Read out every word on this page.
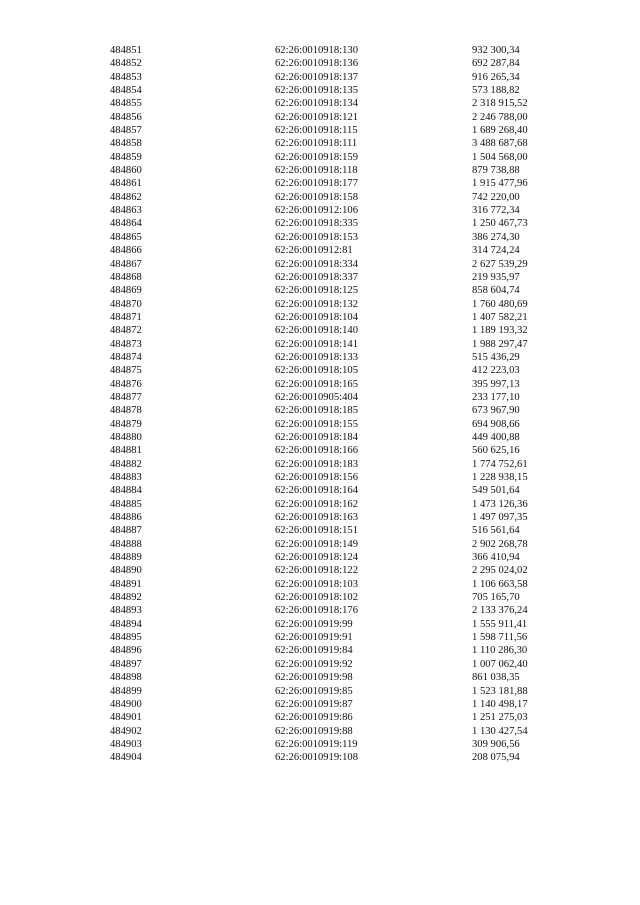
484851	62:26:0010918:130	932 300,34
484852	62:26:0010918:136	692 287,84
484853	62:26:0010918:137	916 265,34
484854	62:26:0010918:135	573 188,82
484855	62:26:0010918:134	2 318 915,52
484856	62:26:0010918:121	2 246 788,00
484857	62:26:0010918:115	1 689 268,40
484858	62:26:0010918:111	3 488 687,68
484859	62:26:0010918:159	1 504 568,00
484860	62:26:0010918:118	879 738,88
484861	62:26:0010918:177	1 915 477,96
484862	62:26:0010918:158	742 220,00
484863	62:26:0010912:106	316 772,34
484864	62:26:0010918:335	1 250 467,73
484865	62:26:0010918:153	386 274,30
484866	62:26:0010912:81	314 724,24
484867	62:26:0010918:334	2 627 539,29
484868	62:26:0010918:337	219 935,97
484869	62:26:0010918:125	858 604,74
484870	62:26:0010918:132	1 760 480,69
484871	62:26:0010918:104	1 407 582,21
484872	62:26:0010918:140	1 189 193,32
484873	62:26:0010918:141	1 988 297,47
484874	62:26:0010918:133	515 436,29
484875	62:26:0010918:105	412 223,03
484876	62:26:0010918:165	395 997,13
484877	62:26:0010905:404	233 177,10
484878	62:26:0010918:185	673 967,90
484879	62:26:0010918:155	694 908,66
484880	62:26:0010918:184	449 400,88
484881	62:26:0010918:166	560 625,16
484882	62:26:0010918:183	1 774 752,61
484883	62:26:0010918:156	1 228 938,15
484884	62:26:0010918:164	549 501,64
484885	62:26:0010918:162	1 473 126,36
484886	62:26:0010918:163	1 497 097,35
484887	62:26:0010918:151	516 561,64
484888	62:26:0010918:149	2 902 268,78
484889	62:26:0010918:124	366 410,94
484890	62:26:0010918:122	2 295 024,02
484891	62:26:0010918:103	1 106 663,58
484892	62:26:0010918:102	705 165,70
484893	62:26:0010918:176	2 133 376,24
484894	62:26:0010919:99	1 555 911,41
484895	62:26:0010919:91	1 598 711,56
484896	62:26:0010919:84	1 110 286,30
484897	62:26:0010919:92	1 007 062,40
484898	62:26:0010919:98	861 038,35
484899	62:26:0010919:85	1 523 181,88
484900	62:26:0010919:87	1 140 498,17
484901	62:26:0010919:86	1 251 275,03
484902	62:26:0010919:88	1 130 427,54
484903	62:26:0010919:119	309 906,56
484904	62:26:0010919:108	208 075,94
